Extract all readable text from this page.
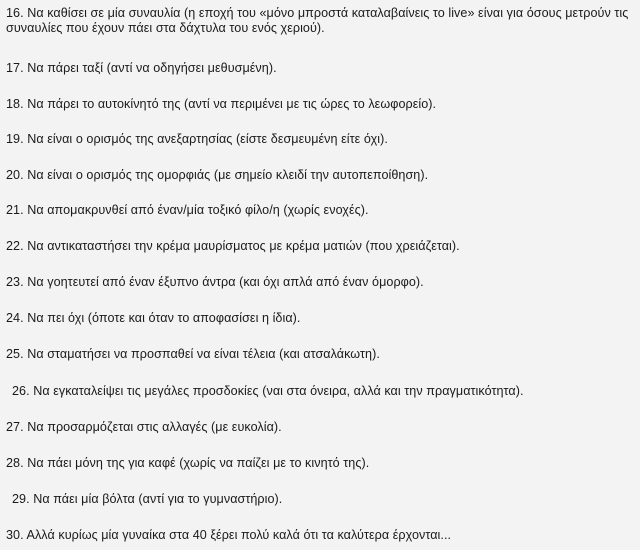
16. Να καθίσει σε μία συναυλία (η εποχή του «μόνο μπροστά καταλαβαίνεις το live» είναι για όσους μετρούν τις συναυλίες που έχουν πάει στα δάχτυλα του ενός χεριού).

17. Να πάρει ταξί (αντί να οδηγήσει μεθυσμένη).

18. Να πάρει το αυτοκίνητό της (αντί να περιμένει με τις ώρες το λεωφορείο).

19. Να είναι ο ορισμός της ανεξαρτησίας (είστε δεσμευμένη είτε όχι).

20. Να είναι ο ορισμός της ομορφιάς (με σημείο κλειδί την αυτοπεποίθηση).

21. Να απομακρυνθεί από έναν/μία τοξικό φίλο/η (χωρίς ενοχές).

22. Να αντικαταστήσει την κρέμα μαυρίσματος με κρέμα ματιών (που χρειάζεται).

23. Να γοητευτεί από έναν έξυπνο άντρα (και όχι απλά από έναν όμορφο).

24. Να πει όχι (όποτε και όταν το αποφασίσει η ίδια).

25. Να σταματήσει να προσπαθεί να είναι τέλεια (και ατσαλάκωτη).

26. Να εγκαταλείψει τις μεγάλες προσδοκίες (ναι στα όνειρα, αλλά και την πραγματικότητα).

27. Να προσαρμόζεται στις αλλαγές (με ευκολία).

28. Να πάει μόνη της για καφέ (χωρίς να παίζει με το κινητό της).

29. Να πάει μία βόλτα (αντί για το γυμναστήριο).

30. Αλλά κυρίως μία γυναίκα στα 40 ξέρει πολύ καλά ότι τα καλύτερα έρχονται...
